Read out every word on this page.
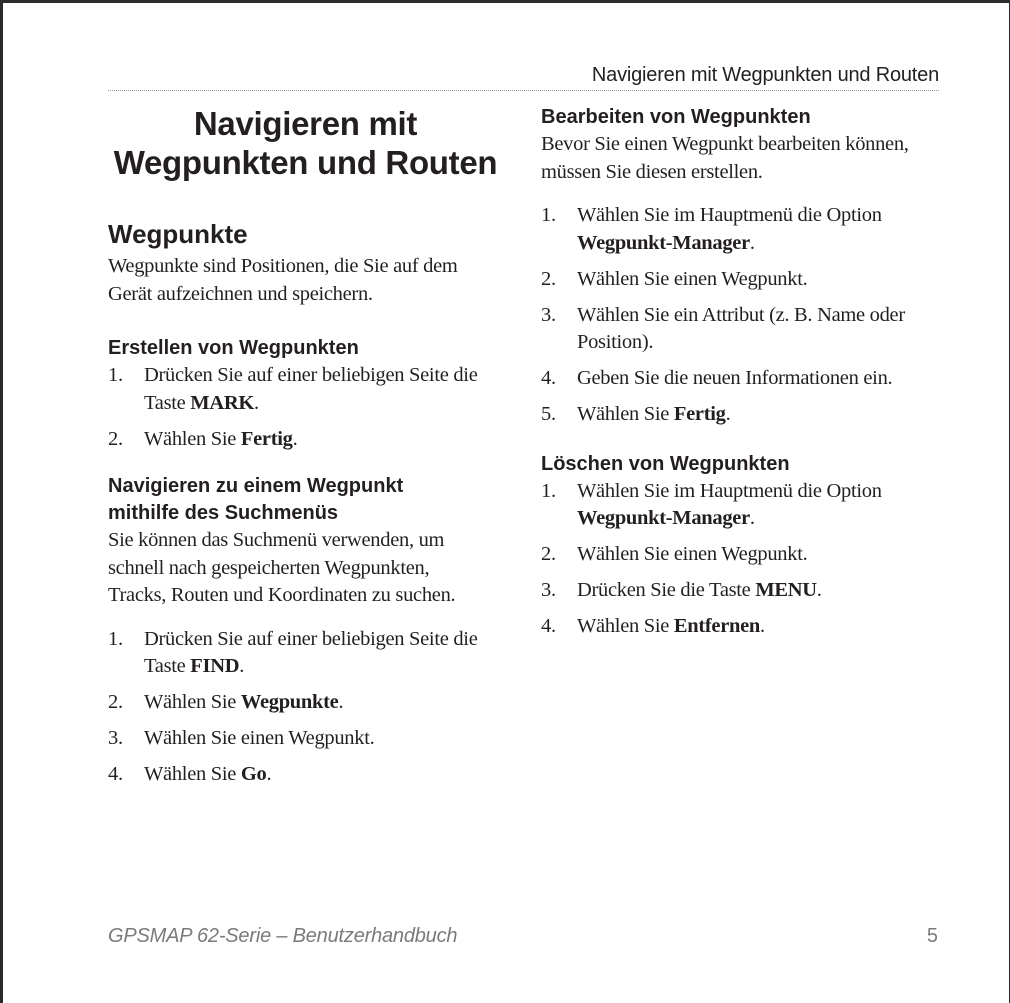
Navigieren mit Wegpunkten und Routen
Navigieren mit
Wegpunkten und Routen
Wegpunkte

Wegpunkte sind Positionen, die Sie auf dem
Gerät aufzeichnen und speichern.

Erstellen von Wegpunkten
1. Drücken Sie auf einer beliebigen Seite die
Taste MARK.
2. Wählen Sie Fertig.
Navigieren zu einem Wegpunkt
mithilfe des Suchmenüs

Sie können das Suchmenü verwenden, um
schnell nach gespeicherten Wegpunkten,
Tracks, Routen und Koordinaten zu suchen.

1. Drücken Sie auf einer beliebigen Seite die
Taste FIND.
2. Wählen Sie Wegpunkte.
3. Wählen Sie einen Wegpunkt.
4. Wählen Sie Go.
Bearbeiten von Wegpunkten

Bevor Sie einen Wegpunkt bearbeiten können,
müssen Sie diesen erstellen.

1. Wählen Sie im Hauptmenü die Option
Wegpunkt-Manager.
2. Wählen Sie einen Wegpunkt.
3. Wählen Sie ein Attribut (z. B. Name oder
Position).
4. Geben Sie die neuen Informationen ein.
5. Wählen Sie Fertig.
Löschen von Wegpunkten
1. Wählen Sie im Hauptmenü die Option
Wegpunkt-Manager.
2. Wählen Sie einen Wegpunkt.
3. Drücken Sie die Taste MENU.
4. Wählen Sie Entfernen.
GPSMAP 62-Serie – Benutzerhandbuch	5
